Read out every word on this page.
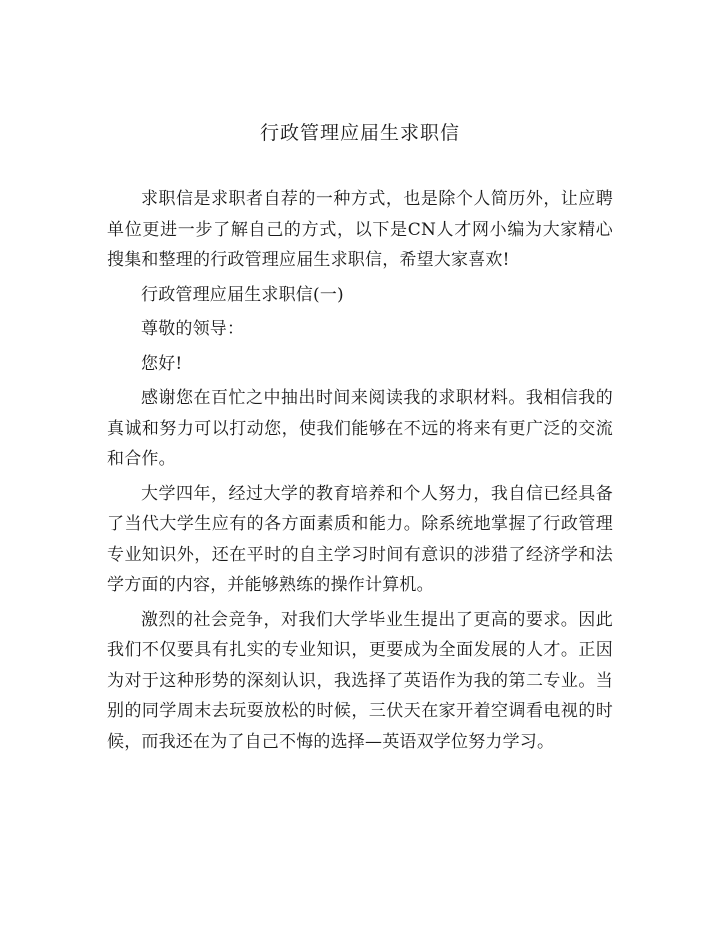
行政管理应届生求职信

求职信是求职者自荐的一种方式，也是除个人简历外，让应聘单位更进一步了解自己的方式，以下是CN人才网小编为大家精心搜集和整理的行政管理应届生求职信，希望大家喜欢!

行政管理应届生求职信(一)

尊敬的领导：

您好!

感谢您在百忙之中抽出时间来阅读我的求职材料。我相信我的真诚和努力可以打动您，使我们能够在不远的将来有更广泛的交流和合作。

大学四年，经过大学的教育培养和个人努力，我自信已经具备了当代大学生应有的各方面素质和能力。除系统地掌握了行政管理专业知识外，还在平时的自主学习时间有意识的涉猎了经济学和法学方面的内容，并能够熟练的操作计算机。

激烈的社会竞争，对我们大学毕业生提出了更高的要求。因此我们不仅要具有扎实的专业知识，更要成为全面发展的人才。正因为对于这种形势的深刻认识，我选择了英语作为我的第二专业。当别的同学周末去玩耍放松的时候，三伏天在家开着空调看电视的时候，而我还在为了自己不悔的选择—英语双学位努力学习。
